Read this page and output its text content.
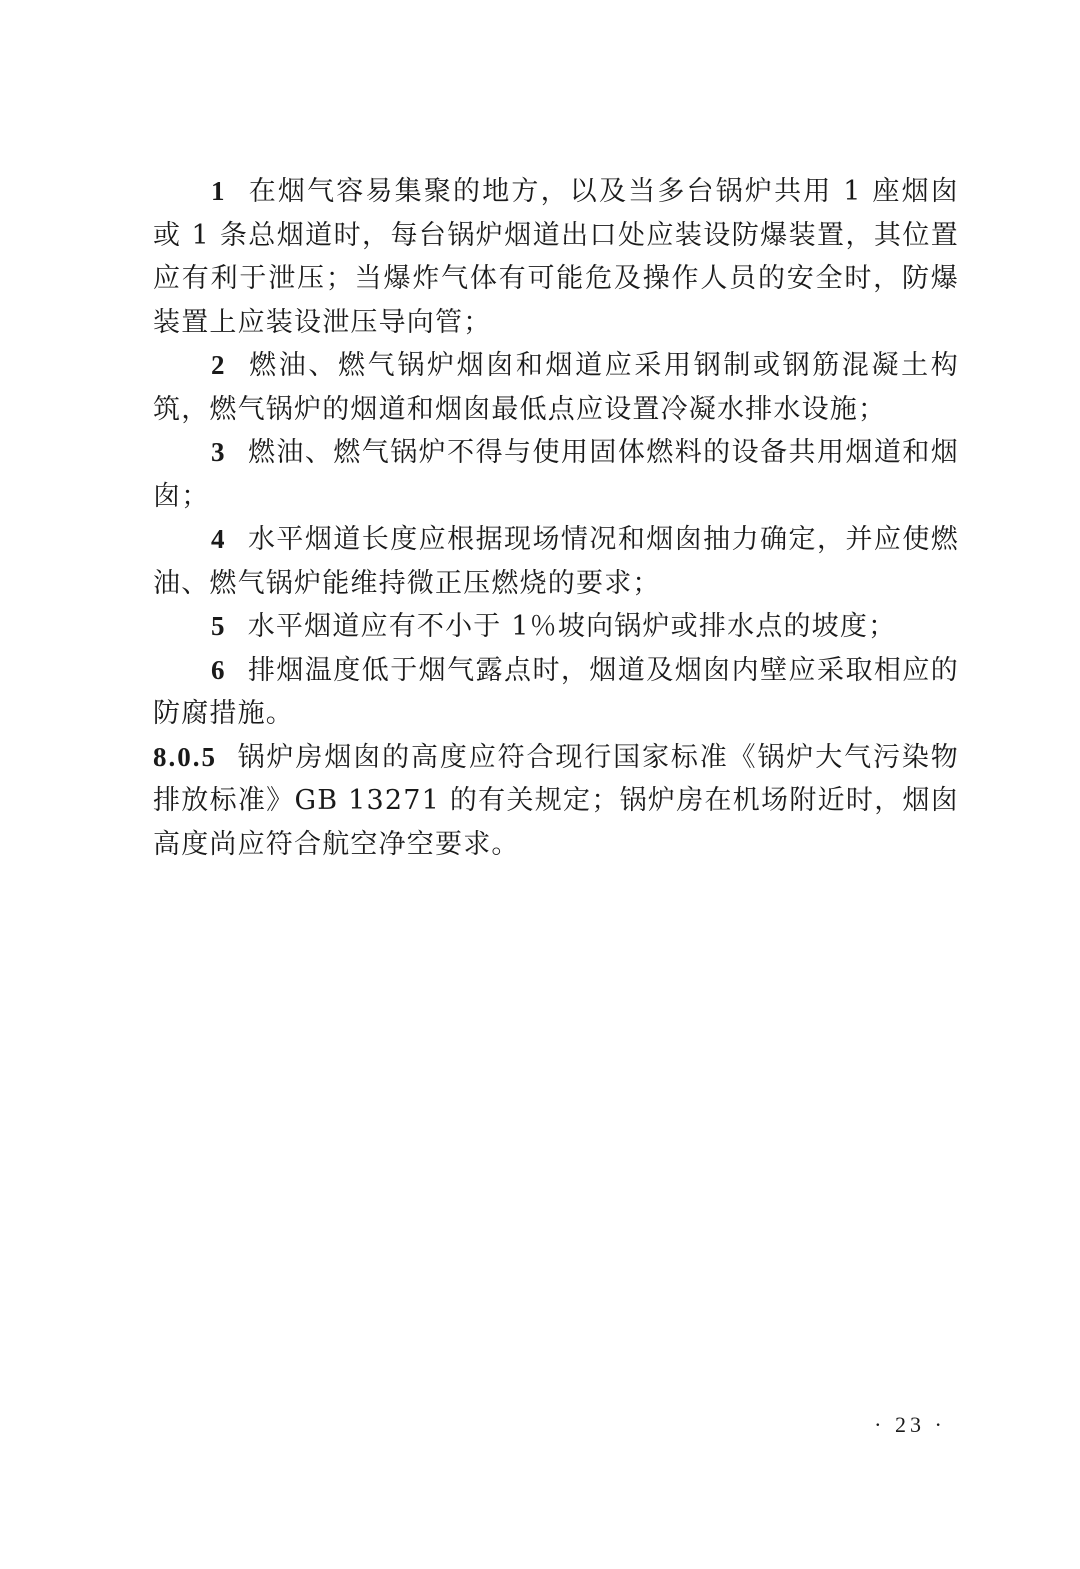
1 在烟气容易集聚的地方，以及当多台锅炉共用 1 座烟囱或 1 条总烟道时，每台锅炉烟道出口处应装设防爆装置，其位置应有利于泄压；当爆炸气体有可能危及操作人员的安全时，防爆装置上应装设泄压导向管；

2 燃油、燃气锅炉烟囱和烟道应采用钢制或钢筋混凝土构筑，燃气锅炉的烟道和烟囱最低点应设置冷凝水排水设施；

3 燃油、燃气锅炉不得与使用固体燃料的设备共用烟道和烟囱；

4 水平烟道长度应根据现场情况和烟囱抽力确定，并应使燃油、燃气锅炉能维持微正压燃烧的要求；

5 水平烟道应有不小于 1％坡向锅炉或排水点的坡度；

6 排烟温度低于烟气露点时，烟道及烟囱内壁应采取相应的防腐措施。

8.0.5 锅炉房烟囱的高度应符合现行国家标准《锅炉大气污染物排放标准》GB 13271 的有关规定；锅炉房在机场附近时，烟囱高度尚应符合航空净空要求。

· 23 ·
